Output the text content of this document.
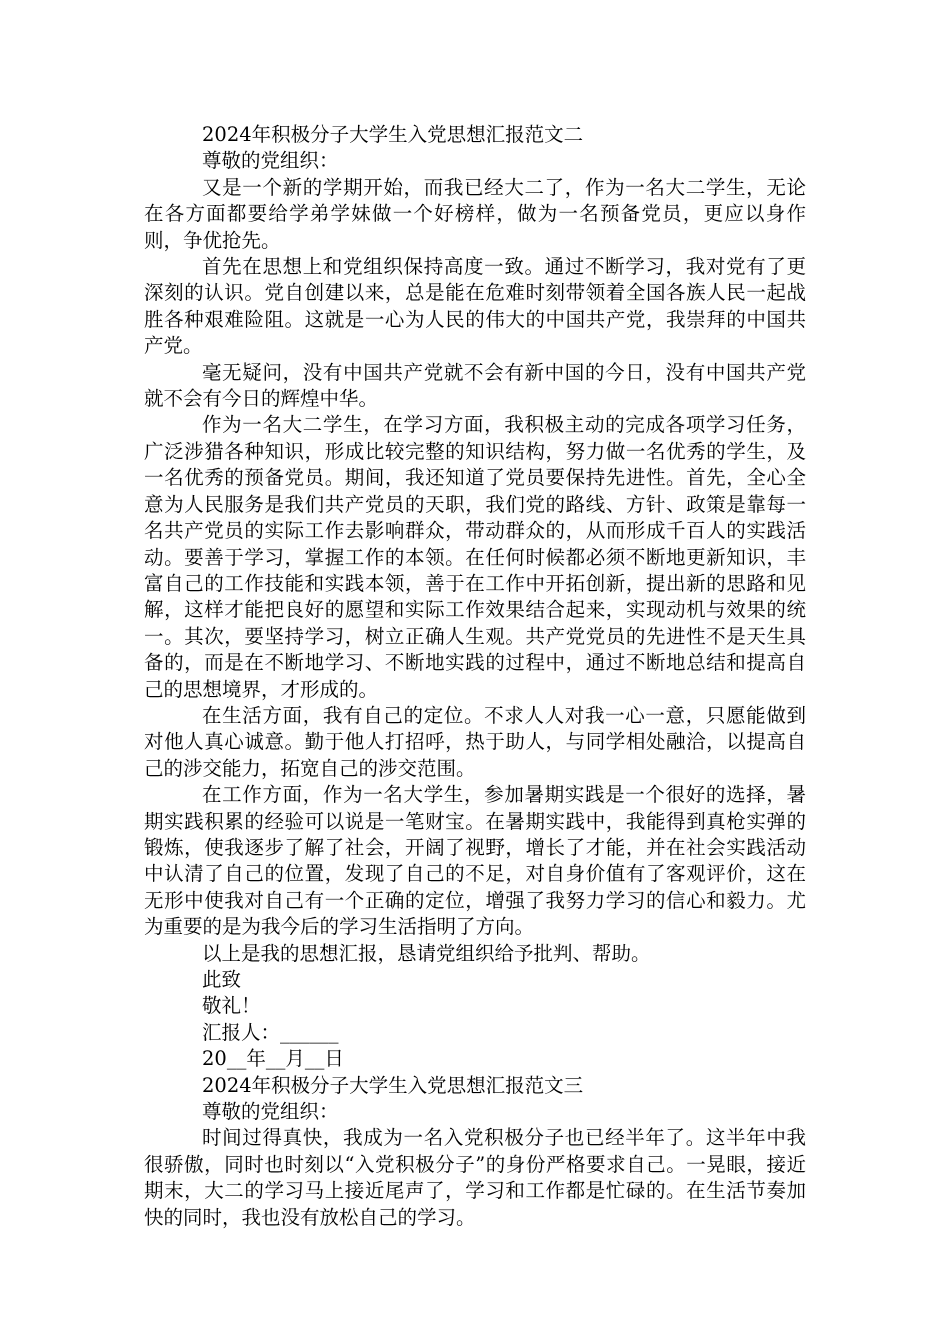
2024年积极分子大学生入党思想汇报范文二

尊敬的党组织：

又是一个新的学期开始，而我已经大二了，作为一名大二学生，无论在各方面都要给学弟学妹做一个好榜样，做为一名预备党员，更应以身作则，争优抢先。

首先在思想上和党组织保持高度一致。通过不断学习，我对党有了更深刻的认识。党自创建以来，总是能在危难时刻带领着全国各族人民一起战胜各种艰难险阻。这就是一心为人民的伟大的中国共产党，我崇拜的中国共产党。

毫无疑问，没有中国共产党就不会有新中国的今日，没有中国共产党就不会有今日的辉煌中华。

作为一名大二学生，在学习方面，我积极主动的完成各项学习任务，广泛涉猎各种知识，形成比较完整的知识结构，努力做一名优秀的学生，及一名优秀的预备党员。期间，我还知道了党员要保持先进性。首先，全心全意为人民服务是我们共产党员的天职，我们党的路线、方针、政策是靠每一名共产党员的实际工作去影响群众，带动群众的，从而形成千百人的实践活动。要善于学习，掌握工作的本领。在任何时候都必须不断地更新知识，丰富自己的工作技能和实践本领，善于在工作中开拓创新，提出新的思路和见解，这样才能把良好的愿望和实际工作效果结合起来，实现动机与效果的统一。其次，要坚持学习，树立正确人生观。共产党党员的先进性不是天生具备的，而是在不断地学习、不断地实践的过程中，通过不断地总结和提高自己的思想境界，才形成的。

在生活方面，我有自己的定位。不求人人对我一心一意，只愿能做到对他人真心诚意。勤于他人打招呼，热于助人，与同学相处融洽，以提高自己的涉交能力，拓宽自己的涉交范围。

在工作方面，作为一名大学生，参加暑期实践是一个很好的选择，暑期实践积累的经验可以说是一笔财宝。在暑期实践中，我能得到真枪实弹的锻炼，使我逐步了解了社会，开阔了视野，增长了才能，并在社会实践活动中认清了自己的位置，发现了自己的不足，对自身价值有了客观评价，这在无形中使我对自己有一个正确的定位，增强了我努力学习的信心和毅力。尤为重要的是为我今后的学习生活指明了方向。

以上是我的思想汇报，恳请党组织给予批判、帮助。

此致

敬礼！

汇报人：______

20__年__月__日

2024年积极分子大学生入党思想汇报范文三

尊敬的党组织：

时间过得真快，我成为一名入党积极分子也已经半年了。这半年中我很骄傲，同时也时刻以“入党积极分子”的身份严格要求自己。一晃眼，接近期末，大二的学习马上接近尾声了，学习和工作都是忙碌的。在生活节奏加快的同时，我也没有放松自己的学习。
